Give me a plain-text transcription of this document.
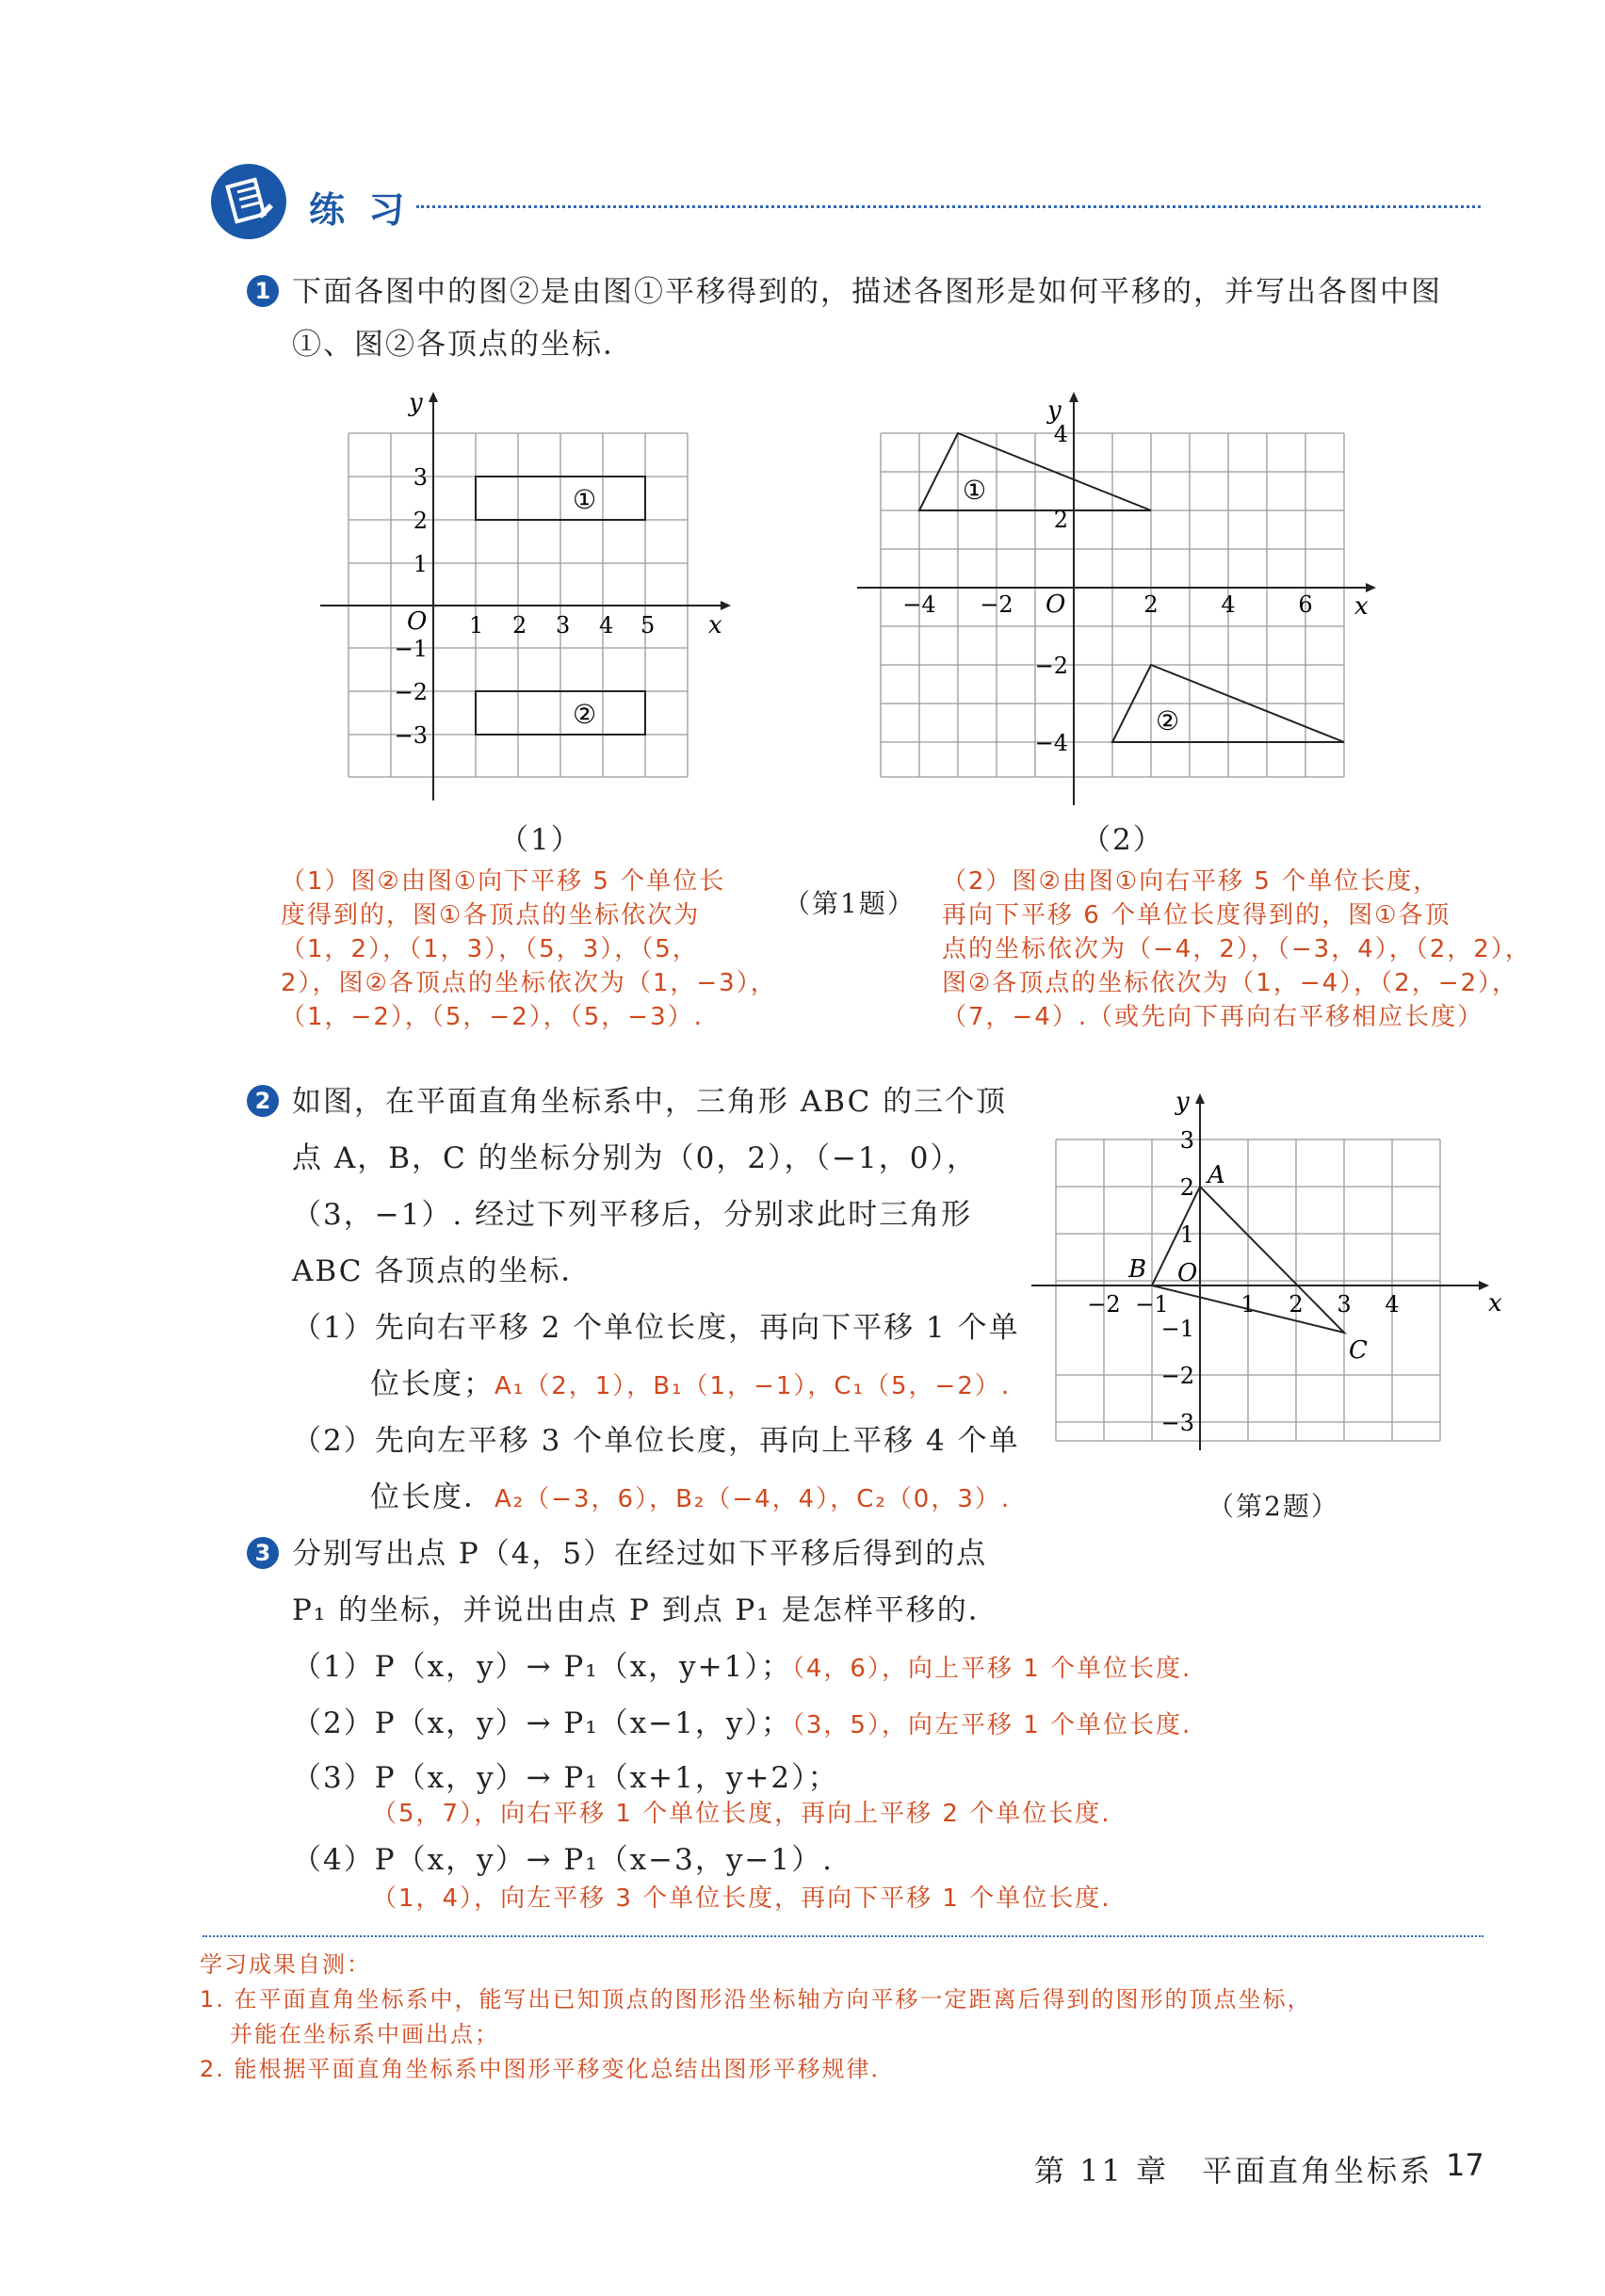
练 习
1 下面各图中的图②是由图①平移得到的，描述各图形是如何平移的，并写出各图中图
①、图②各顶点的坐标．
①
②
x
y
O 1 2 3 4 5
3
2
1
−1
−2
−3
①
②
x
y
O
−4 −2	2	4	6
4
2
−2
−4
（1）	（2）
（1）图②由图①向下平移 5 个单位长
度得到的，图①各顶点的坐标依次为
（1，2），（1，3），（5，3），（5，
2），图②各顶点的坐标依次为（1，−3），
（1，−2），（5，−2），（5，−3）.
（第1题）
（2）图②由图①向右平移 5 个单位长度，
再向下平移 6 个单位长度得到的，图①各顶
点的坐标依次为（−4，2），（−3，4），（2，2），
图②各顶点的坐标依次为（1，−4），（2，−2），
（7，−4）.（或先向下再向右平移相应长度）
2 如图，在平面直角坐标系中，三角形 ABC 的三个顶
点 A，B，C 的坐标分别为（0，2），（−1，0），
（3，−1）. 经过下列平移后，分别求此时三角形
ABC 各顶点的坐标．
（1）先向右平移 2 个单位长度，再向下平移 1 个单
位长度；A₁（2，1），B₁（1，−1），C₁（5，−2）.
（2）先向左平移 3 个单位长度，再向上平移 4 个单
位长度．A₂（−3，6），B₂（−4，4），C₂（0，3）.
A
B
C
x
y
O
−2 −1	1 2 3 4
3
2
1
−1
−2
−3
（第2题）
3 分别写出点 P（4，5）在经过如下平移后得到的点
P₁ 的坐标，并说出由点 P 到点 P₁ 是怎样平移的．
（1）P（x，y）→ P₁（x，y+1）；（4，6），向上平移 1 个单位长度.
（2）P（x，y）→ P₁（x−1，y）；（3，5），向左平移 1 个单位长度.
（3）P（x，y）→ P₁（x+1，y+2）；
（5，7），向右平移 1 个单位长度，再向上平移 2 个单位长度.
（4）P（x，y）→ P₁（x−3，y−1）.
（1，4），向左平移 3 个单位长度，再向下平移 1 个单位长度.
学习成果自测：
1. 在平面直角坐标系中，能写出已知顶点的图形沿坐标轴方向平移一定距离后得到的图形的顶点坐标，
并能在坐标系中画出点；
2. 能根据平面直角坐标系中图形平移变化总结出图形平移规律．
第 11 章　平面直角坐标系 17
